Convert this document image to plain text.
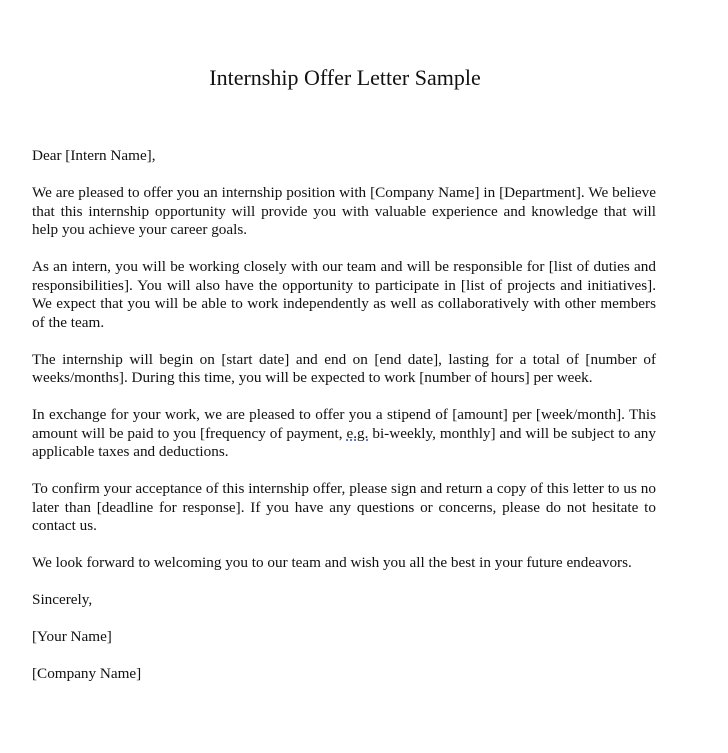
Internship Offer Letter Sample

Dear [Intern Name],

We are pleased to offer you an internship position with [Company Name] in [Department]. We believe that this internship opportunity will provide you with valuable experience and knowledge that will help you achieve your career goals.

As an intern, you will be working closely with our team and will be responsible for [list of duties and responsibilities]. You will also have the opportunity to participate in [list of projects and initiatives]. We expect that you will be able to work independently as well as collaboratively with other members of the team.

The internship will begin on [start date] and end on [end date], lasting for a total of [number of weeks/months]. During this time, you will be expected to work [number of hours] per week.

In exchange for your work, we are pleased to offer you a stipend of [amount] per [week/month]. This amount will be paid to you [frequency of payment, e.g. bi-weekly, monthly] and will be subject to any applicable taxes and deductions.

To confirm your acceptance of this internship offer, please sign and return a copy of this letter to us no later than [deadline for response]. If you have any questions or concerns, please do not hesitate to contact us.

We look forward to welcoming you to our team and wish you all the best in your future endeavors.

Sincerely,

[Your Name]

[Company Name]
